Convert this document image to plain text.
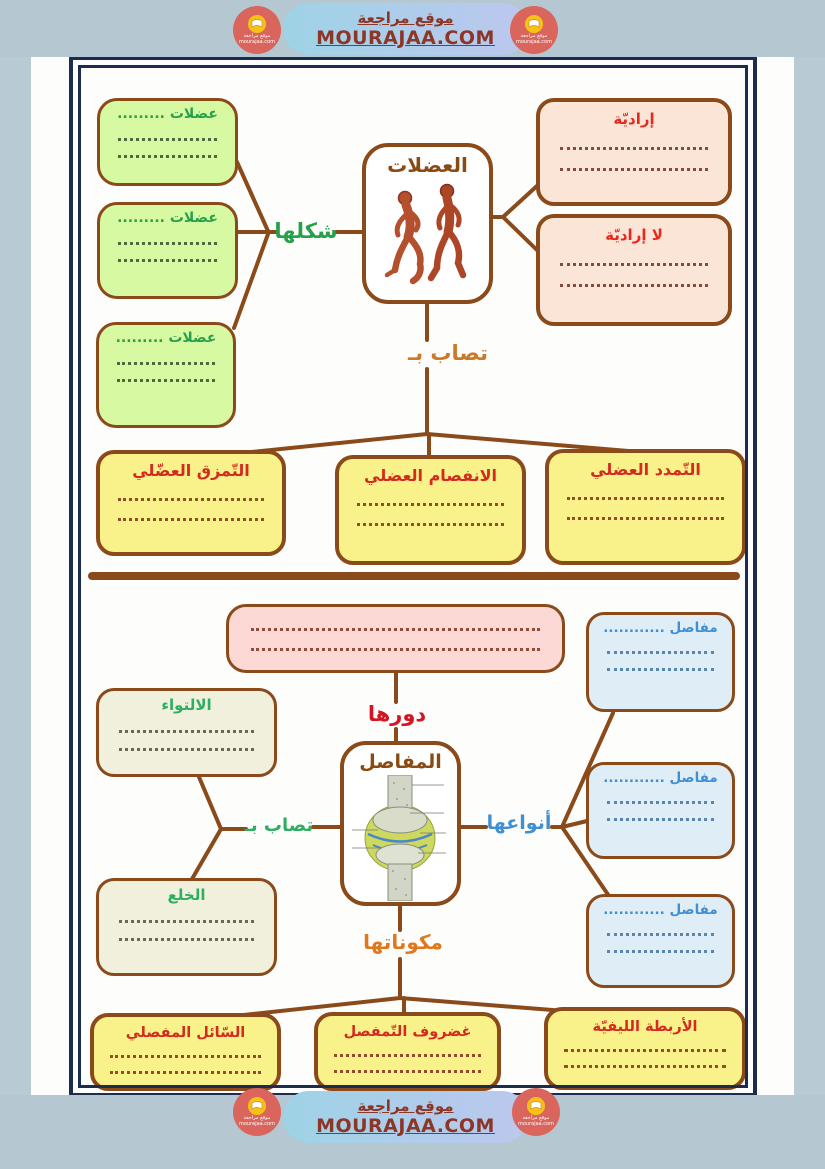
عضلات .........
عضلات .........
عضلات .........
شكلها
العضلات
إراديّة
لا إراديّة
تصاب بـ
التّمزق العضّلي	الانفصام العضلي	التّمدد العضلي
دورها
المفاصل
أنواعها
تصاب بـ
مكوناتها
مفاصل ............
مفاصل ............
مفاصل ............
الالتواء
الخلع
السّائل المفصلي	غضروف التّمفصل	الأربطة الليفيّة
موقع مراجعة
MOURAJAA.COM
موقع مراجعة
mourajaa.com
موقع مراجعة
mourajaa.com
موقع مراجعة
MOURAJAA.COM
موقع مراجعة
mourajaa.com
موقع مراجعة
mourajaa.com
